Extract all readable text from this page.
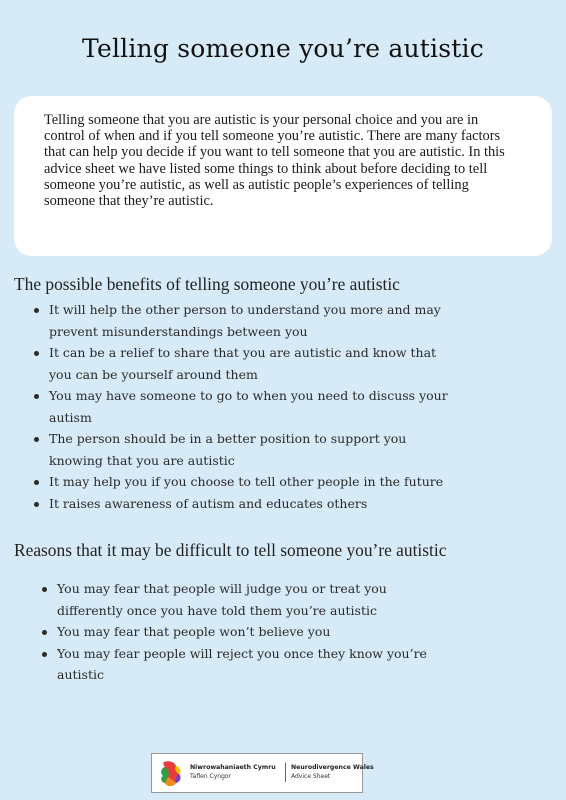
Telling someone you’re autistic

Telling someone that you are autistic is your personal choice and you are in control of when and if you tell someone you’re autistic. There are many factors that can help you decide if you want to tell someone that you are autistic. In this advice sheet we have listed some things to think about before deciding to tell someone you’re autistic, as well as autistic people’s experiences of telling someone that they’re autistic.

The possible benefits of telling someone you’re autistic
It will help the other person to understand you more and may prevent misunderstandings between you
It can be a relief to share that you are autistic and know that you can be yourself around them
You may have someone to go to when you need to discuss your autism
The person should be in a better position to support you knowing that you are autistic
It may help you if you choose to tell other people in the future
It raises awareness of autism and educates others
Reasons that it may be difficult to tell someone you’re autistic
You may fear that people will judge you or treat you differently once you have told them you’re autistic
You may fear that people won’t believe you
You may fear people will reject you once they know you’re autistic
Niwrowahaniaeth Cymru
Taflen Cyngor
Neurodivergence Wales
Advice Sheet
